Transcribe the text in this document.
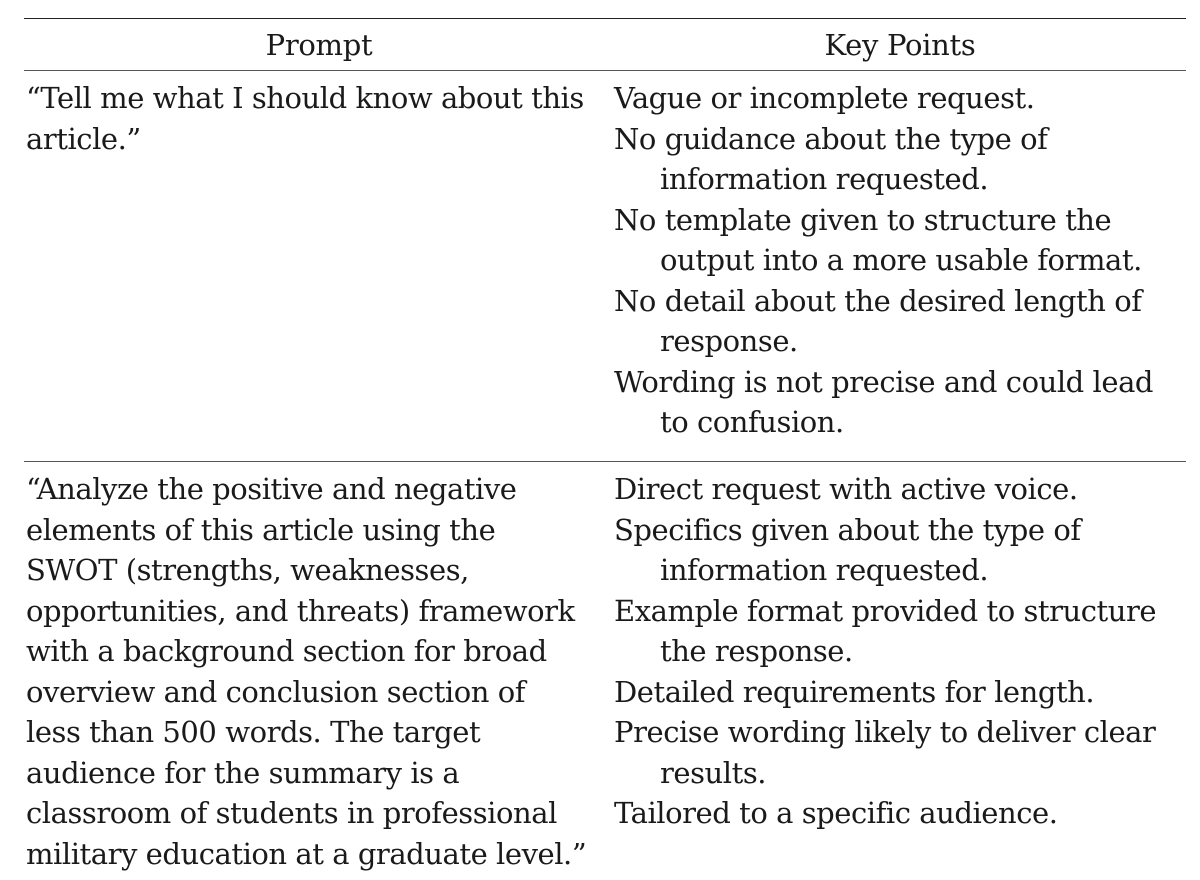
Prompt	Key Points
“Tell me what I should know about this article.”
Vague or incomplete request.
No guidance about the type of information requested.
No template given to structure the output into a more usable format.
No detail about the desired length of response.
Wording is not precise and could lead to confusion.
“Analyze the positive and negative elements of this article using the SWOT (strengths, weaknesses, opportunities, and threats) framework with a background section for broad overview and conclusion section of less than 500 words. The target audience for the summary is a classroom of students in professional military education at a graduate level.”
Direct request with active voice.
Specifics given about the type of information requested.
Example format provided to structure the response.
Detailed requirements for length.
Precise wording likely to deliver clear results.
Tailored to a specific audience.
